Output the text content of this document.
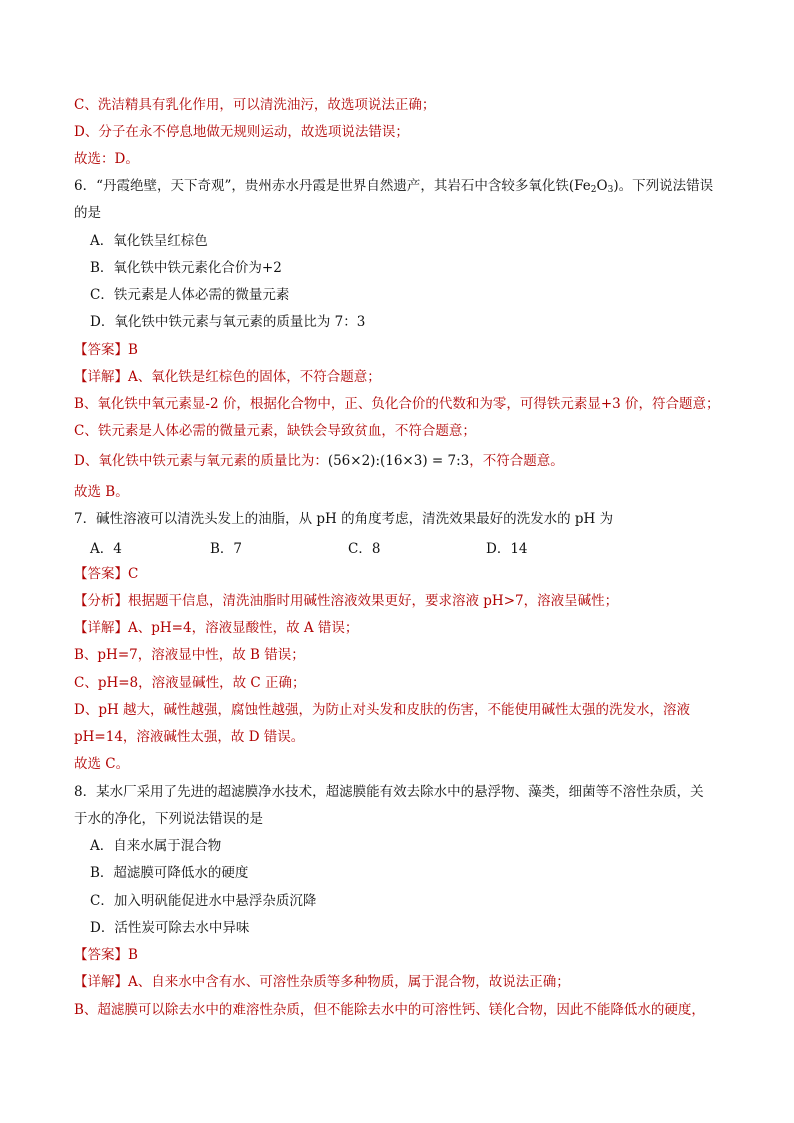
C、洗洁精具有乳化作用，可以清洗油污，故选项说法正确；
D、分子在永不停息地做无规则运动，故选项说法错误；
故选：D。
6．“丹霞绝壁，天下奇观”，贵州赤水丹霞是世界自然遗产，其岩石中含较多氧化铁$(Fe_2O_3)$。下列说法错误
的是
A．氧化铁呈红棕色
B．氧化铁中铁元素化合价为+2
C．铁元素是人体必需的微量元素
D．氧化铁中铁元素与氧元素的质量比为 7：3
【答案】B
【详解】A、氧化铁是红棕色的固体，不符合题意；
B、氧化铁中氧元素显-2 价，根据化合物中，正、负化合价的代数和为零，可得铁元素显+3 价，符合题意；
C、铁元素是人体必需的微量元素，缺铁会导致贫血，不符合题意；
D、氧化铁中铁元素与氧元素的质量比为：(56×2):(16×3) = 7:3，不符合题意。
故选 B。
7．碱性溶液可以清洗头发上的油脂，从 pH 的角度考虑，清洗效果最好的洗发水的 pH 为
A．4	B．7	C．8	D．14
【答案】C
【分析】根据题干信息，清洗油脂时用碱性溶液效果更好，要求溶液 pH>7，溶液呈碱性；
【详解】A、pH=4，溶液显酸性，故 A 错误；
B、pH=7，溶液显中性，故 B 错误；
C、pH=8，溶液显碱性，故 C 正确；
D、pH 越大，碱性越强，腐蚀性越强，为防止对头发和皮肤的伤害，不能使用碱性太强的洗发水，溶液
pH=14，溶液碱性太强，故 D 错误。
故选 C。
8．某水厂采用了先进的超滤膜净水技术，超滤膜能有效去除水中的悬浮物、藻类，细菌等不溶性杂质，关
于水的净化，下列说法错误的是
A．自来水属于混合物
B．超滤膜可降低水的硬度
C．加入明矾能促进水中悬浮杂质沉降
D．活性炭可除去水中异味
【答案】B
【详解】A、自来水中含有水、可溶性杂质等多种物质，属于混合物，故说法正确；
B、超滤膜可以除去水中的难溶性杂质，但不能除去水中的可溶性钙、镁化合物，因此不能降低水的硬度，
